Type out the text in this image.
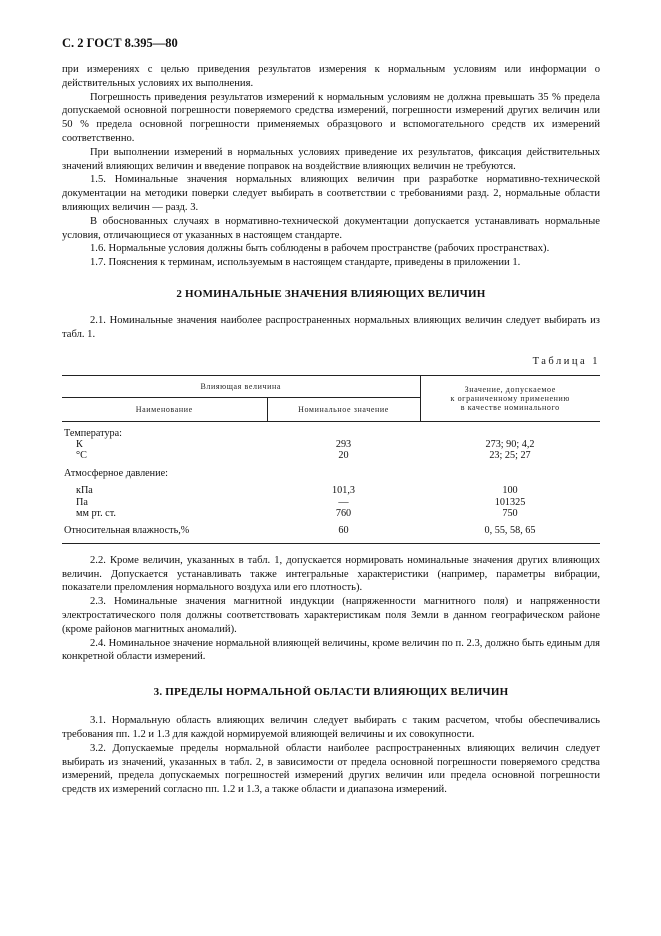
С. 2 ГОСТ 8.395—80

при измерениях с целью приведения результатов измерения к нормальным условиям или информации о действительных условиях их выполнения.

Погрешность приведения результатов измерений к нормальным условиям не должна превышать 35 % предела допускаемой основной погрешности поверяемого средства измерений, погрешности измерений других величин или 50 % предела основной погрешности применяемых образцового и вспомогательного средств их измерений соответственно.

При выполнении измерений в нормальных условиях приведение их результатов, фиксация действительных значений влияющих величин и введение поправок на воздействие влияющих величин не требуются.

1.5. Номинальные значения нормальных влияющих величин при разработке нормативно-технической документации на методики поверки следует выбирать в соответствии с требованиями разд. 2, нормальные области влияющих величин — разд. 3.

В обоснованных случаях в нормативно-технической документации допускается устанавливать нормальные условия, отличающиеся от указанных в настоящем стандарте.

1.6. Нормальные условия должны быть соблюдены в рабочем пространстве (рабочих пространствах).

1.7. Пояснения к терминам, используемым в настоящем стандарте, приведены в приложении 1.

2 НОМИНАЛЬНЫЕ ЗНАЧЕНИЯ ВЛИЯЮЩИХ ВЕЛИЧИН

2.1. Номинальные значения наиболее распространенных нормальных влияющих величин следует выбирать из табл. 1.

Таблица 1
Влияющая величина		Значение, допускаемое
к ограниченному применению
в качестве номинального

Наименование	Номинальное значение	

Температура:		
К	293	273; 90; 4,2
°С	20	23; 25; 27

Атмосферное давление:		

кПа	101,3	100
Па	—	101325
мм рт. ст.	760	750

Относительная влажность,%	60	0, 55, 58, 65

2.2. Кроме величин, указанных в табл. 1, допускается нормировать номинальные значения других влияющих величин. Допускается устанавливать также интегральные характеристики (например, параметры вибрации, показатели преломления нормального воздуха или его плотность).

2.3. Номинальные значения магнитной индукции (напряженности магнитного поля) и напряженности электростатического поля должны соответствовать характеристикам поля Земли в данном географическом районе (кроме районов магнитных аномалий).

2.4. Номинальное значение нормальной влияющей величины, кроме величин по п. 2.3, должно быть единым для конкретной области измерений.

3. ПРЕДЕЛЫ НОРМАЛЬНОЙ ОБЛАСТИ ВЛИЯЮЩИХ ВЕЛИЧИН

3.1. Нормальную область влияющих величин следует выбирать с таким расчетом, чтобы обеспечивались требования пп. 1.2 и 1.3 для каждой нормируемой влияющей величины и их совокупности.

3.2. Допускаемые пределы нормальной области наиболее распространенных влияющих величин следует выбирать из значений, указанных в табл. 2, в зависимости от предела основной погрешности поверяемого средства измерений, предела допускаемых погрешностей измерений других величин или предела основной погрешности средств их измерений согласно пп. 1.2 и 1.3, а также области и диапазона измерений.
